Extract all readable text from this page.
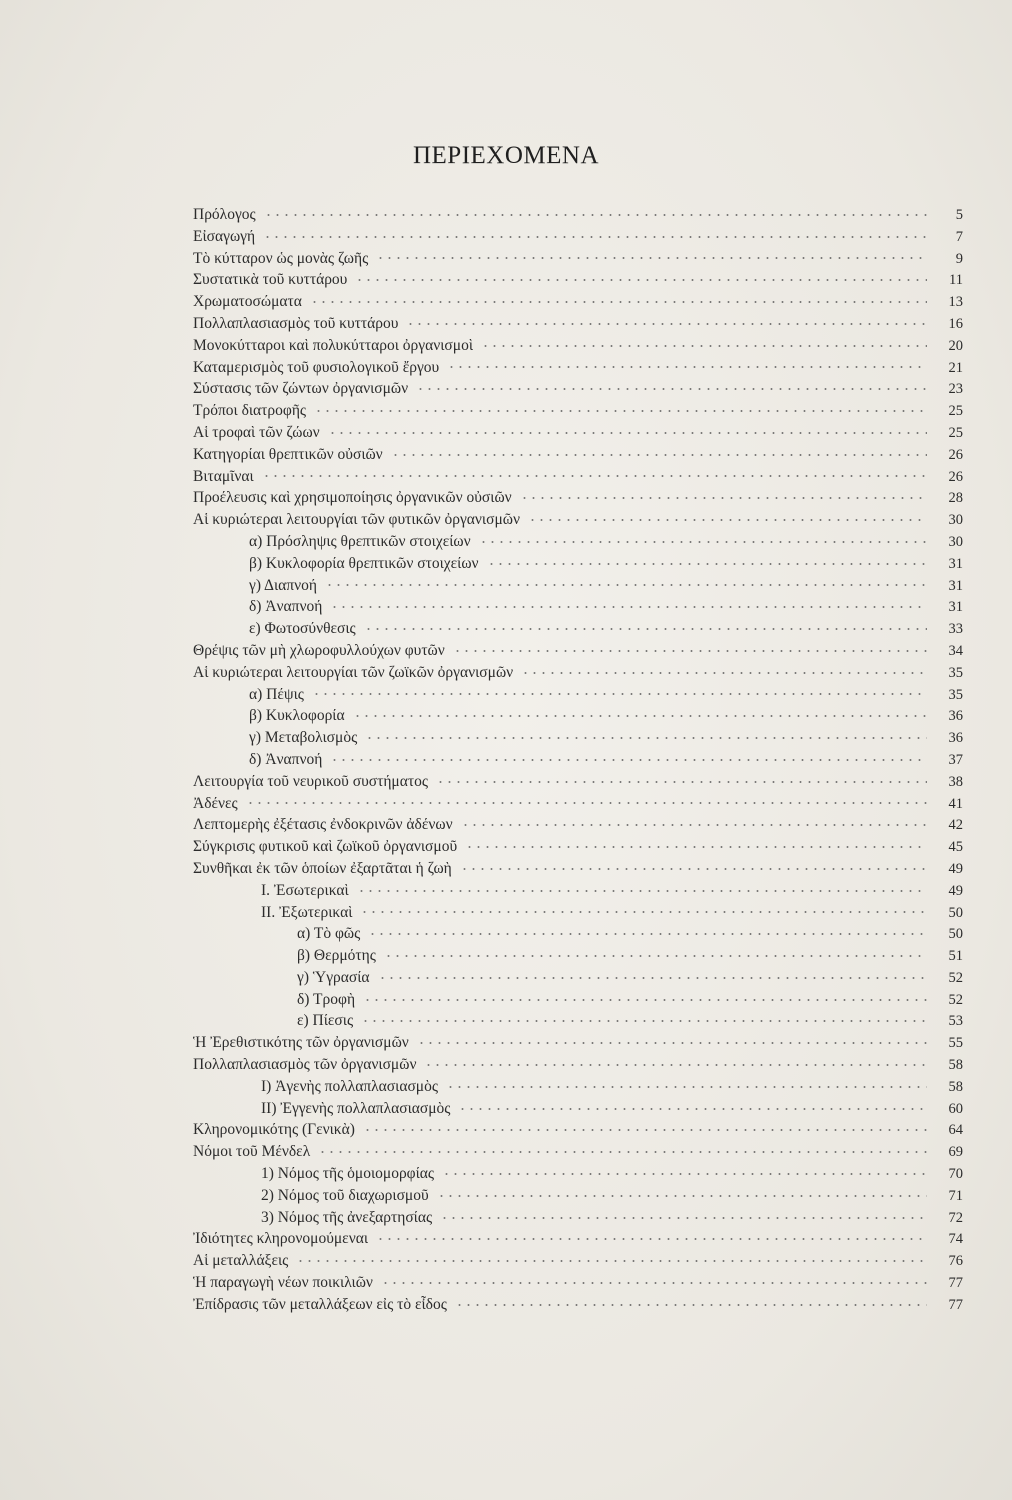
ΠΕΡΙΕΧΟΜΕΝΑ
Πρόλογος	5
Εἰσαγωγή	7
Τὸ κύτταρον ὡς μονὰς ζωῆς	9
Συστατικὰ τοῦ κυττάρου	11
Χρωματοσώματα	13
Πολλαπλασιασμὸς τοῦ κυττάρου	16
Μονοκύτταροι καὶ πολυκύτταροι ὀργανισμοὶ	20
Καταμερισμὸς τοῦ φυσιολογικοῦ ἔργου	21
Σύστασις τῶν ζώντων ὀργανισμῶν	23
Τρόποι διατροφῆς	25
Αἱ τροφαὶ τῶν ζώων	25
Κατηγορίαι θρεπτικῶν οὐσιῶν	26
Βιταμῖναι	26
Προέλευσις καὶ χρησιμοποίησις ὀργανικῶν οὐσιῶν	28
Αἱ κυριώτεραι λειτουργίαι τῶν φυτικῶν ὀργανισμῶν	30
α) Πρόσληψις θρεπτικῶν στοιχείων	30
β) Κυκλοφορία θρεπτικῶν στοιχείων	31
γ) Διαπνοή	31
δ) Ἀναπνοή	31
ε) Φωτοσύνθεσις	33
Θρέψις τῶν μὴ χλωροφυλλούχων φυτῶν	34
Αἱ κυριώτεραι λειτουργίαι τῶν ζωϊκῶν ὀργανισμῶν	35
α) Πέψις	35
β) Κυκλοφορία	36
γ) Μεταβολισμὸς	36
δ) Ἀναπνοή	37
Λειτουργία τοῦ νευρικοῦ συστήματος	38
Ἀδένες	41
Λεπτομερὴς ἐξέτασις ἐνδοκρινῶν ἀδένων	42
Σύγκρισις φυτικοῦ καὶ ζωϊκοῦ ὀργανισμοῦ	45
Συνθῆκαι ἐκ τῶν ὁποίων ἐξαρτᾶται ἡ ζωὴ	49
Ι. Ἐσωτερικαὶ	49
ΙΙ. Ἐξωτερικαὶ	50
α) Τὸ φῶς	50
β) Θερμότης	51
γ) Ὑγρασία	52
δ) Τροφὴ	52
ε) Πίεσις	53
Ἡ Ἐρεθιστικότης τῶν ὀργανισμῶν	55
Πολλαπλασιασμὸς τῶν ὀργανισμῶν	58
Ι) Ἀγενὴς πολλαπλασιασμὸς	58
ΙΙ) Ἐγγενὴς πολλαπλασιασμὸς	60
Κληρονομικότης (Γενικὰ)	64
Νόμοι τοῦ Μένδελ	69
1) Νόμος τῆς ὁμοιομορφίας	70
2) Νόμος τοῦ διαχωρισμοῦ	71
3) Νόμος τῆς ἀνεξαρτησίας	72
Ἰδιότητες κληρονομούμεναι	74
Αἱ μεταλλάξεις	76
Ἡ παραγωγὴ νέων ποικιλιῶν	77
Ἐπίδρασις τῶν μεταλλάξεων εἰς τὸ εἶδος	77
